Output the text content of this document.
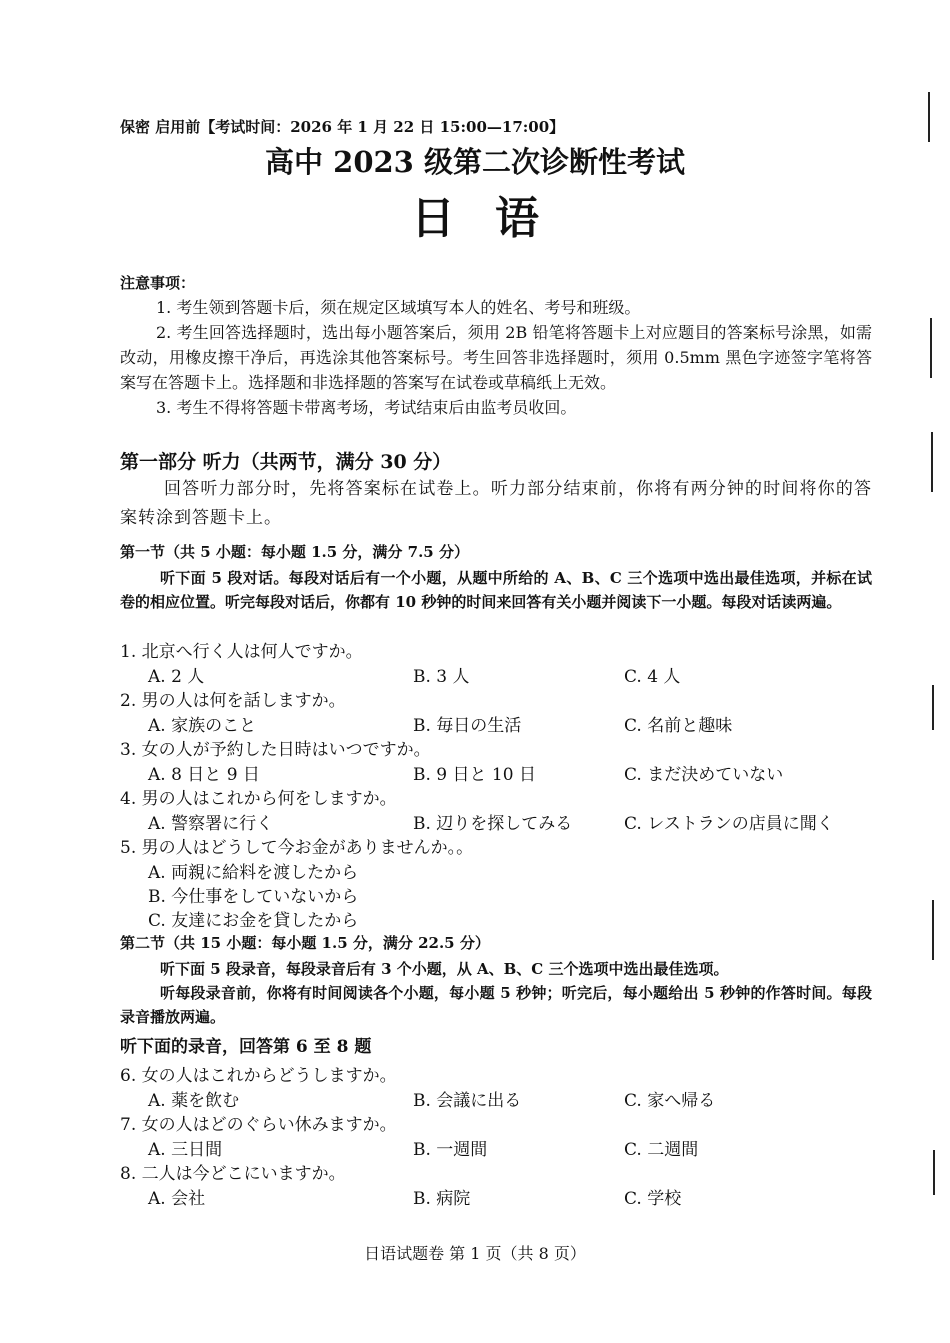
保密 启用前【考试时间：2026 年 1 月 22 日 15:00—17:00】
高中 2023 级第二次诊断性考试
日语
注意事项：

1. 考生领到答题卡后，须在规定区域填写本人的姓名、考号和班级。

2. 考生回答选择题时，选出每小题答案后，须用 2B 铅笔将答题卡上对应题目的答案标号涂黑，如需改动，用橡皮擦干净后，再选涂其他答案标号。考生回答非选择题时，须用 0.5mm 黑色字迹签字笔将答案写在答题卡上。选择题和非选择题的答案写在试卷或草稿纸上无效。

3. 考生不得将答题卡带离考场，考试结束后由监考员收回。

第一部分 听力（共两节，满分 30 分）
回答听力部分时，先将答案标在试卷上。听力部分结束前，你将有两分钟的时间将你的答案转涂到答题卡上。
第一节（共 5 小题：每小题 1.5 分，满分 7.5 分）
听下面 5 段对话。每段对话后有一个小题，从题中所给的 A、B、C 三个选项中选出最佳选项，并标在试卷的相应位置。听完每段对话后，你都有 10 秒钟的时间来回答有关小题并阅读下一小题。每段对话读两遍。
1. 北京へ行く人は何人ですか。
A. 2 人	B. 3 人	C. 4 人
2. 男の人は何を話しますか。
A. 家族のこと	B. 毎日の生活	C. 名前と趣味
3. 女の人が予約した日時はいつですか。
A. 8 日と 9 日	B. 9 日と 10 日	C. まだ決めていない
4. 男の人はこれから何をしますか。
A. 警察署に行く	B. 辺りを探してみる	C. レストランの店員に聞く
5. 男の人はどうして今お金がありませんか。。
A. 両親に給料を渡したから
B. 今仕事をしていないから
C. 友達にお金を貸したから
第二节（共 15 小题：每小题 1.5 分，满分 22.5 分）
听下面 5 段录音，每段录音后有 3 个小题，从 A、B、C 三个选项中选出最佳选项。
听每段录音前，你将有时间阅读各个小题，每小题 5 秒钟；听完后，每小题给出 5 秒钟的作答时间。每段录音播放两遍。
听下面的录音，回答第 6 至 8 题
6. 女の人はこれからどうしますか。
A. 薬を飲む	B. 会議に出る	C. 家へ帰る
7. 女の人はどのぐらい休みますか。
A. 三日間	B. 一週間	C. 二週間
8. 二人は今どこにいますか。
A. 会社	B. 病院	C. 学校
日语试题卷 第 1 页（共 8 页）
